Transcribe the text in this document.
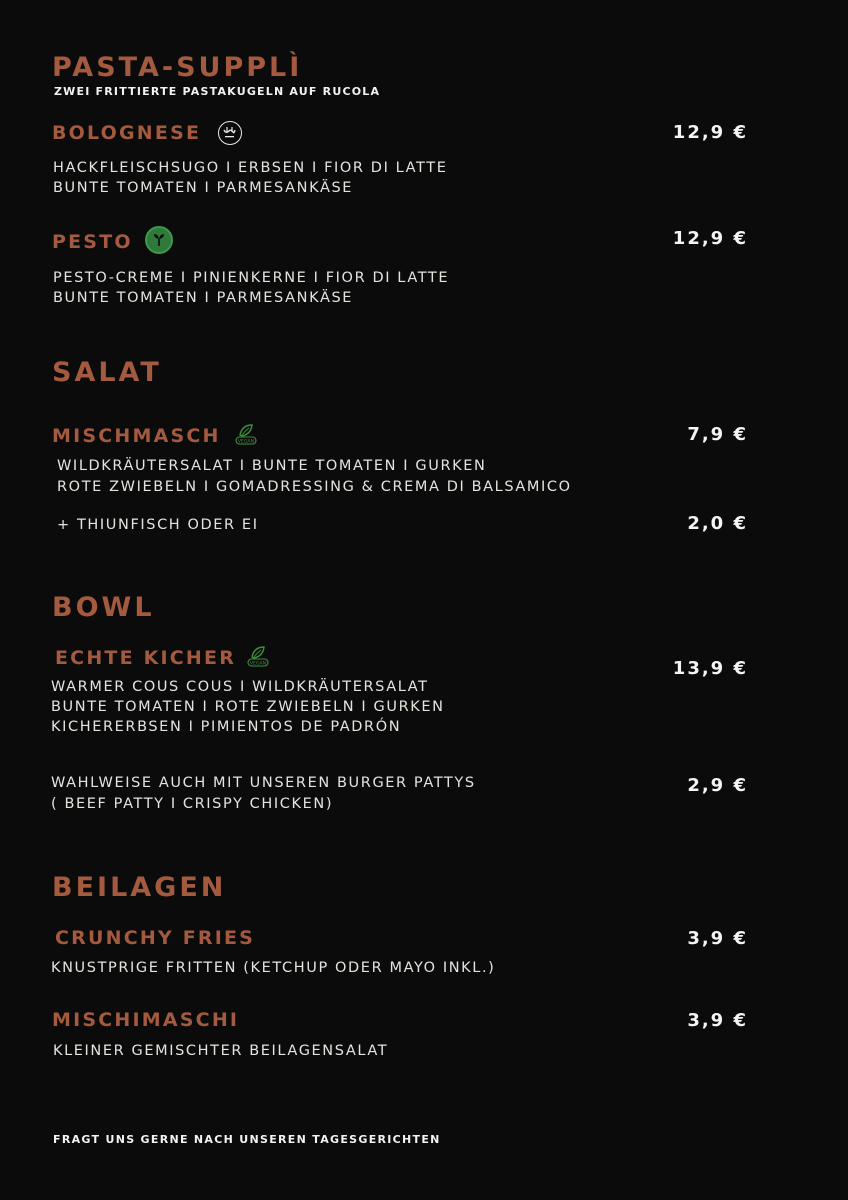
PASTA-SUPPLÌ
ZWEI FRITTIERTE PASTAKUGELN AUF RUCOLA
BOLOGNESE	12,9 €
HACKFLEISCHSUGO I ERBSEN I FIOR DI LATTE
BUNTE TOMATEN I PARMESANKÄSE
PESTO	12,9 €
PESTO-CREME I PINIENKERNE I FIOR DI LATTE
BUNTE TOMATEN I PARMESANKÄSE
SALAT
MISCHMASCH	VEGAN	7,9 €
WILDKRÄUTERSALAT I BUNTE TOMATEN I GURKEN
ROTE ZWIEBELN I GOMADRESSING & CREMA DI BALSAMICO
+ THIUNFISCH ODER EI	2,0 €
BOWL
ECHTE KICHER	VEGAN	13,9 €
WARMER COUS COUS I WILDKRÄUTERSALAT
BUNTE TOMATEN I ROTE ZWIEBELN I GURKEN
KICHERERBSEN I PIMIENTOS DE PADRÓN
WAHLWEISE AUCH MIT UNSEREN BURGER PATTYS
( BEEF PATTY I CRISPY CHICKEN)
2,9 €
BEILAGEN
CRUNCHY FRIES	3,9 €
KNUSTPRIGE FRITTEN (KETCHUP ODER MAYO INKL.)
MISCHIMASCHI	3,9 €
KLEINER GEMISCHTER BEILAGENSALAT
FRAGT UNS GERNE NACH UNSEREN TAGESGERICHTEN
